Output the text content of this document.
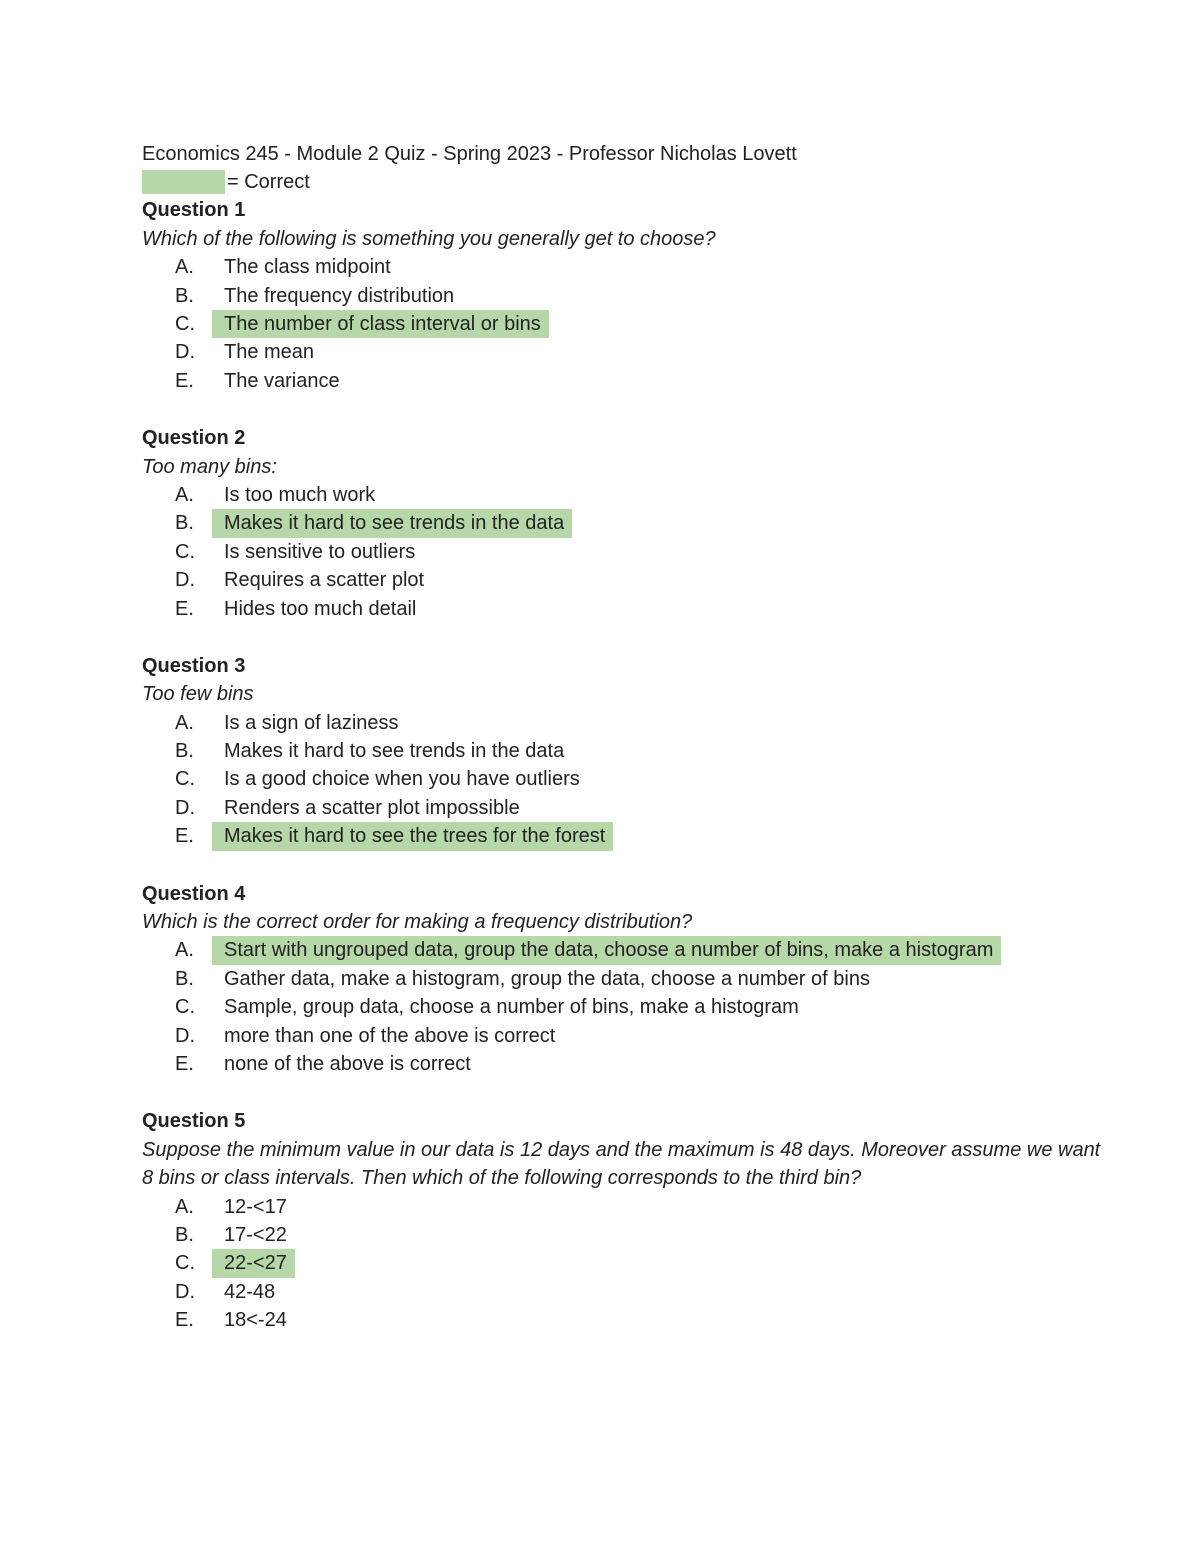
Economics 245 - Module 2 Quiz - Spring 2023 - Professor Nicholas Lovett
= Correct
Question 1
Which of the following is something you generally get to choose?
A.	The class midpoint
B.	The frequency distribution
C.	The number of class interval or bins
D.	The mean
E.	The variance
Question 2
Too many bins:
A.	Is too much work
B.	Makes it hard to see trends in the data
C.	Is sensitive to outliers
D.	Requires a scatter plot
E.	Hides too much detail
Question 3
Too few bins
A.	Is a sign of laziness
B.	Makes it hard to see trends in the data
C.	Is a good choice when you have outliers
D.	Renders a scatter plot impossible
E.	Makes it hard to see the trees for the forest
Question 4
Which is the correct order for making a frequency distribution?
A.	Start with ungrouped data, group the data, choose a number of bins, make a histogram
B.	Gather data, make a histogram, group the data, choose a number of bins
C.	Sample, group data, choose a number of bins, make a histogram
D.	more than one of the above is correct
E.	none of the above is correct
Question 5
Suppose the minimum value in our data is 12 days and the maximum is 48 days. Moreover assume we want 8 bins or class intervals. Then which of the following corresponds to the third bin?
A.	12-<17
B.	17-<22
C.	22-<27
D.	42-48
E.	18<-24
